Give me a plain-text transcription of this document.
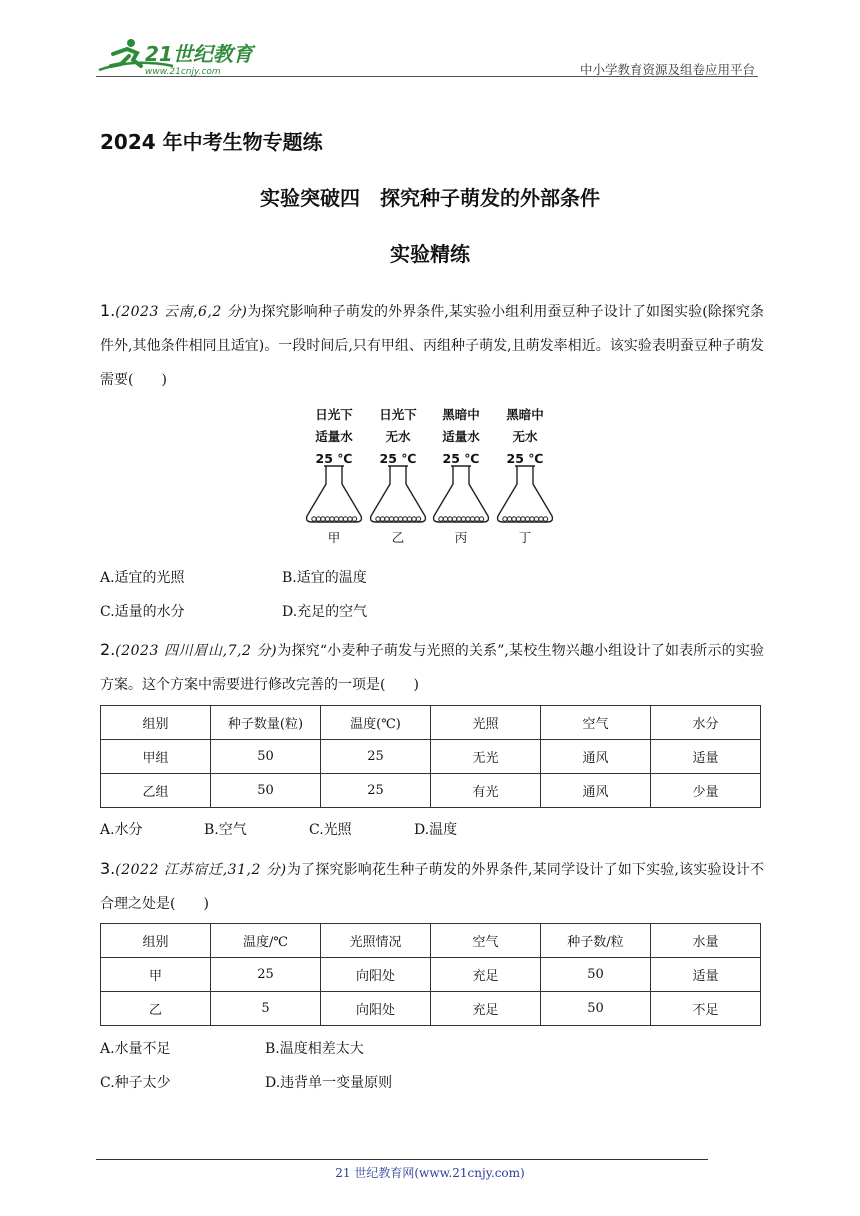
21世纪教育
www.21cnjy.com	中小学教育资源及组卷应用平台
2024 年中考生物专题练
实验突破四　探究种子萌发的外部条件
实验精练
1.(2023 云南,6,2 分)为探究影响种子萌发的外界条件,某实验小组利用蚕豆种子设计了如图实验(除探究条件外,其他条件相同且适宜)。一段时间后,只有甲组、丙组种子萌发,且萌发率相近。该实验表明蚕豆种子萌发需要(　　)
日光下
适量水
25 ℃
甲
日光下
无水
25 ℃
乙
黑暗中
适量水
25 ℃
丙
黑暗中
无水
25 ℃
丁
A.适宜的光照	B.适宜的温度
C.适量的水分	D.充足的空气
2.(2023 四川眉山,7,2 分)为探究“小麦种子萌发与光照的关系”,某校生物兴趣小组设计了如表所示的实验方案。这个方案中需要进行修改完善的一项是(　　)
组别	种子数量(粒)	温度(℃)	光照	空气	水分
甲组	50	25	无光	通风	适量
乙组	50	25	有光	通风	少量
A.水分	B.空气	C.光照	D.温度
3.(2022 江苏宿迁,31,2 分)为了探究影响花生种子萌发的外界条件,某同学设计了如下实验,该实验设计不合理之处是(　　)
组别	温度/℃	光照情况	空气	种子数/粒	水量
甲	25	向阳处	充足	50	适量
乙	5	向阳处	充足	50	不足
A.水量不足	B.温度相差太大
C.种子太少	D.违背单一变量原则
21 世纪教育网(www.21cnjy.com)
